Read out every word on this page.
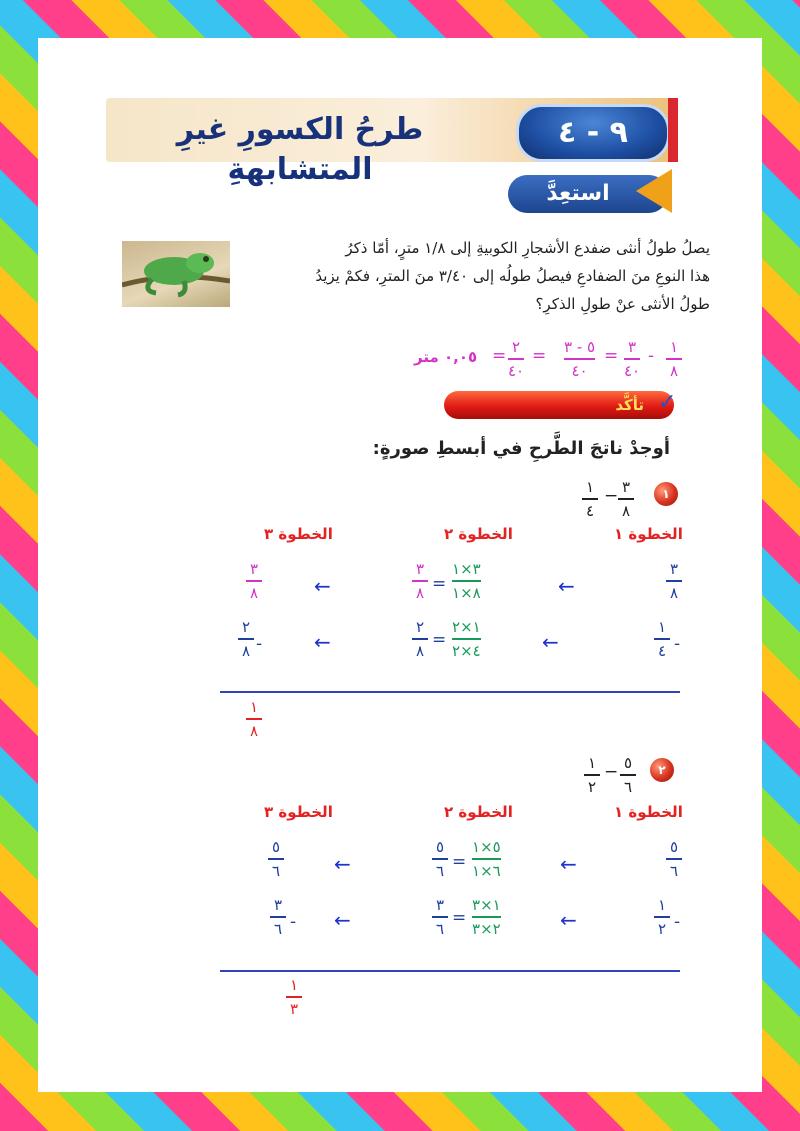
طرحُ الكسورِ غيرِ المتشابهةِ
٩ - ٤
استعِدَّ
يصلُ طولُ أنثى ضفدع الأشجارِ الكوبيةِ إلى ١/٨ مترٍ، أمّا ذكرُ
هذا النوعِ منَ الضفادعِ فيصلُ طولُه إلى ٣/٤٠ منَ المترِ، فكمْ يزيدُ
طولُ الأنثى عنْ طولِ الذكرِ؟
١
٨
-
٣
٤٠
=
٥ - ٣
٤٠
=
٢
٤٠
=
٠,٠٥ متر
تأكَّد ✓
أوجدْ ناتجَ الطَّرحِ في أبسطِ صورةٍ:
١
٣
٨
−
١
٤
الخطوة ١
الخطوة ٢
الخطوة ٣
٣
٨
←
٣×١
٨×١
=
٣
٨
←
٣
٨
-
١
٤
←
١×٢
٤×٢
=
٢
٨
←
-
٢
٨
١
٨
٢
٥
٦
−
١
٢
الخطوة ١
الخطوة ٢
الخطوة ٣
٥
٦
←
٥×١
٦×١
=
٥
٦
←
٥
٦
-
١
٢
←
١×٣
٢×٣
=
٣
٦
←
-
٣
٦
١
٣
